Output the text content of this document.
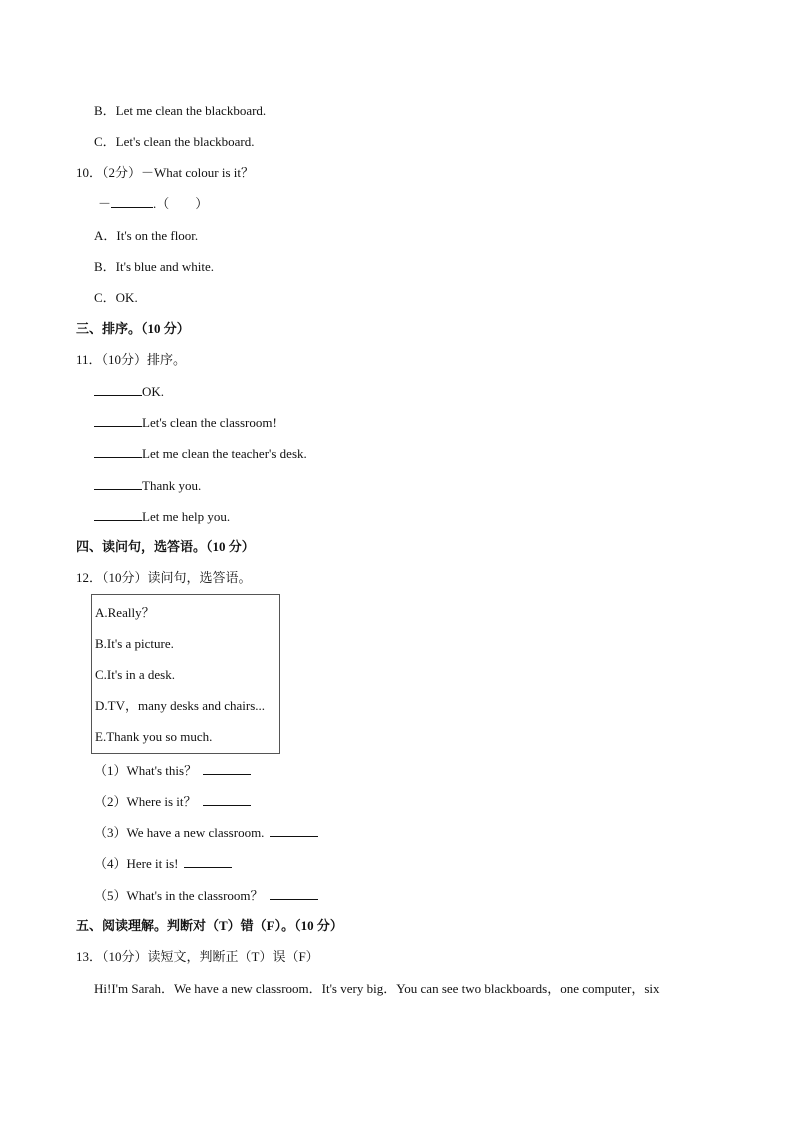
B．Let me clean the blackboard.
C．Let's clean the blackboard.
10．（2分）－What colour is it？
－	.（　　）
A．It's on the floor.
B．It's blue and white.
C．OK.
三、排序。（10 分）
11．（10分）排序。
OK.
Let's clean the classroom!
Let me clean the teacher's desk.
Thank you.
Let me help you.
四、读问句，选答语。（10 分）
12．（10分）读问句，选答语。
A.Really？
B.It's a picture.
C.It's in a desk.
D.TV，many desks and chairs...
E.Thank you so much.
（1）What's this？
（2）Where is it？
（3）We have a new classroom.
（4）Here it is!
（5）What's in the classroom？
五、阅读理解。判断对（T）错（F）。（10 分）
13．（10分）读短文，判断正（T）误（F）
Hi!I'm Sarah．We have a new classroom．It's very big．You can see two blackboards，one computer，six
